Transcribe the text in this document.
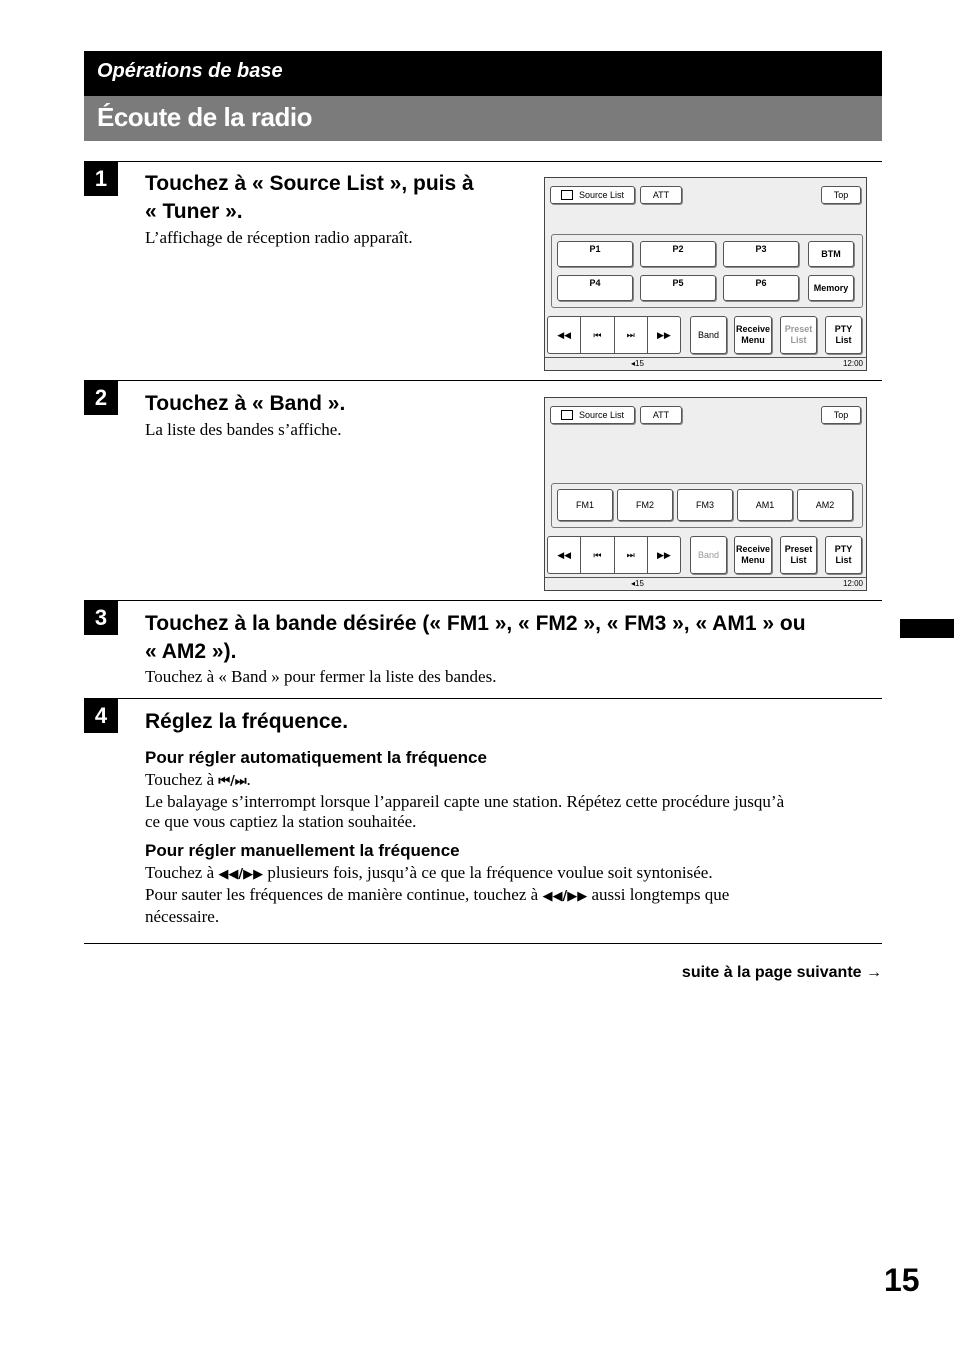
Opérations de base
Écoute de la radio
1	Touchez à « Source List », puis à
« Tuner ».
L’affichage de réception radio apparaît.
Source List	ATT	Top
P1	P2	P3
P4	P5	P6
BTM
Memory
◀◀	⏮	⏭	▶▶	Band
Receive
Menu
Preset
List
PTY
List
◂15	12:00
2	Touchez à « Band ».
La liste des bandes s’affiche.
Source List	ATT	Top
FM1	FM2	FM3	AM1	AM2
◀◀	⏮	⏭	▶▶	Band
Receive
Menu
Preset
List
PTY
List
◂15	12:00
3	Touchez à la bande désirée (« FM1 », « FM2 », « FM3 », « AM1 » ou
« AM2 »).
Touchez à « Band » pour fermer la liste des bandes.
4	Réglez la fréquence.
Pour régler automatiquement la fréquence
Touchez à ⏮/⏭.
Le balayage s’interrompt lorsque l’appareil capte une station. Répétez cette procédure jusqu’à
ce que vous captiez la station souhaitée.
Pour régler manuellement la fréquence
Touchez à ◀◀/▶▶ plusieurs fois, jusqu’à ce que la fréquence voulue soit syntonisée.
Pour sauter les fréquences de manière continue, touchez à ◀◀/▶▶ aussi longtemps que
nécessaire.
suite à la page suivante →
15
